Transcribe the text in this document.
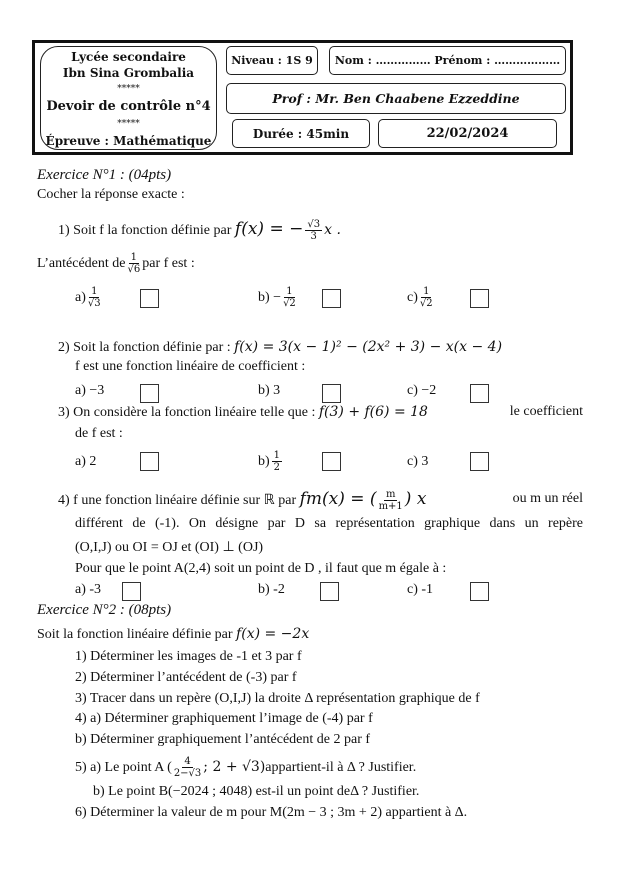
Lycée secondaire
Ibn Sina Grombalia
*****
Devoir de contrôle n°4
*****
Épreuve : Mathématique
Niveau : 1S 9	Nom : …………… Prénom : ………………
Prof : Mr. Ben Chaabene Ezzeddine
Durée : 45min	22/02/2024
Exercice N°1 : (04pts)
Cocher la réponse exacte :
1) Soit f la fonction définie par f(x) = − $\frac{√3}{3}$ x .
L’antécédent de $\frac{1}{√6}$ par f est :
$a) \frac{1}{√3}$	$b) - \frac{1}{√2}$	$c) \frac{1}{√2}$
2) Soit la fonction définie par : f(x) = 3(x − 1)² − (2x² + 3) − x(x − 4)
f est une fonction linéaire de coefficient :
a) −3	b) 3	c) −2
3) On considère la fonction linéaire telle que : f(3) + f(6) = 18	le coefficient
de f est :
a) 2	$b) \frac{1}{2}$	c) 3
4) f une fonction linéaire définie sur ℝ par fm(x) = ( $\frac{m}{m+1}$ ) x	ou m un réel
différent de (-1). On désigne par D sa représentation graphique dans un repère
(O,I,J) ou OI = OJ et (OI) ⊥ (OJ)
Pour que le point A(2,4) soit un point de D , il faut que m égale à :
a) -3	b) -2	c) -1
Exercice N°2 : (08pts)
Soit la fonction linéaire définie par f(x) = −2x
1) Déterminer les images de -1 et 3 par f
2) Déterminer l’antécédent de (-3) par f
3) Tracer dans un repère (O,I,J) la droite Δ représentation graphique de f
4) a) Déterminer graphiquement l’image de (-4) par f
b) Déterminer graphiquement l’antécédent de 2 par f
5) a) Le point A ( $\frac{4}{2-√3}$ ; 2 + √3)appartient-il à Δ ? Justifier.
b) Le point B(−2024 ; 4048) est-il un point deΔ ? Justifier.
6) Déterminer la valeur de m pour M(2m − 3 ; 3m + 2) appartient à Δ.
